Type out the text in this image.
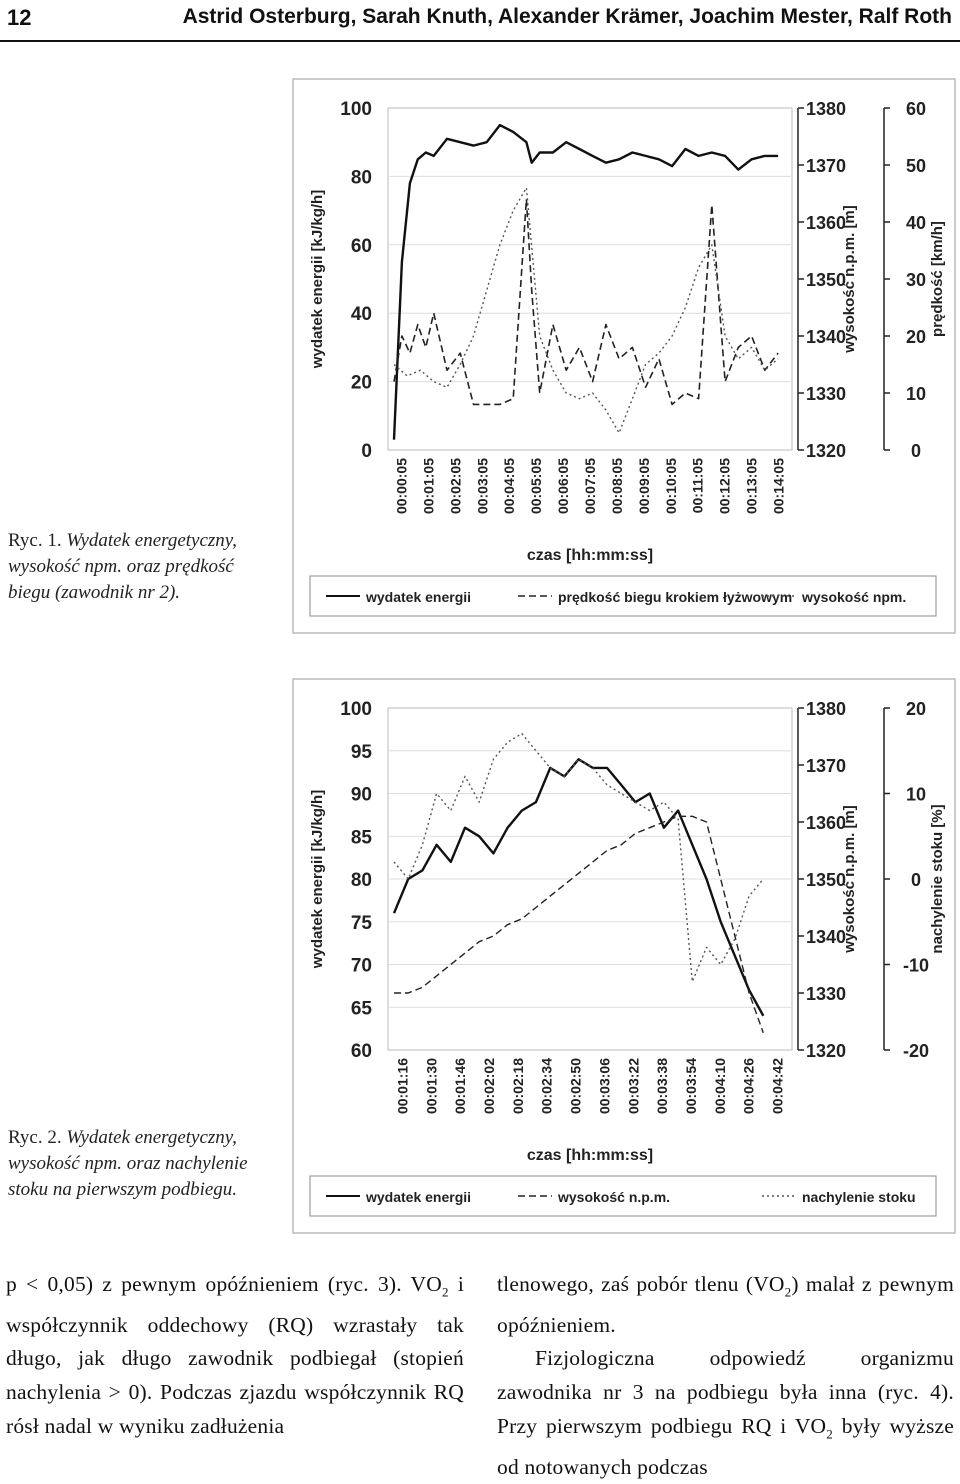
12	Astrid Osterburg, Sarah Knuth, Alexander Krämer, Joachim Mester, Ralf Roth
100
80
60
40
20
0
wydatek energii [kJ/kg/h]
1380
1370
1360
1350
1340
1330
1320
wysokość n.p.m. [m]
60
50
40
30
20
10
0
prędkość [km/h]
00:00:05 00:01:05 00:02:05 00:03:05 00:04:05 00:05:05 00:06:05 00:07:05 00:08:05 00:09:05 00:10:05 00:11:05 00:12:05 00:13:05 00:14:05
czas [hh:mm:ss]
wydatek energii	prędkość biegu krokiem łyżwowym wysokość npm.
Ryc. 1. Wydatek energetyczny, wysokość npm. oraz prędkość biegu (zawodnik nr 2).
100
95
90
85
80
75
70
65
60
wydatek energii [kJ/kg/h]
1380
1370
1360
1350
1340
1330
1320
wysokość n.p.m. [m]
20
10
0
-10
-20
nachylenie stoku [%]
00:01:16 00:01:30 00:01:46 00:02:02 00:02:18 00:02:34 00:02:50 00:03:06 00:03:22 00:03:38 00:03:54 00:04:10 00:04:26 00:04:42
czas [hh:mm:ss]
wydatek energii	wysokość n.p.m.	nachylenie stoku
Ryc. 2. Wydatek energetyczny, wysokość npm. oraz nachylenie stoku na pierwszym podbiegu.

p < 0,05) z pewnym opóźnieniem (ryc. 3). $VO_2$ i współczynnik oddechowy (RQ) wzrastały tak długo, jak długo zawodnik podbiegał (stopień nachylenia > 0). Podczas zjazdu współczynnik RQ rósł nadal w wyniku zadłużenia

tlenowego, zaś pobór tlenu $(VO_2)$ malał z pewnym opóźnieniem.

Fizjologiczna odpowiedź organizmu zawodnika nr 3 na podbiegu była inna (ryc. 4). Przy pierwszym podbiegu RQ i $VO_2$ były wyższe od notowanych podczas
